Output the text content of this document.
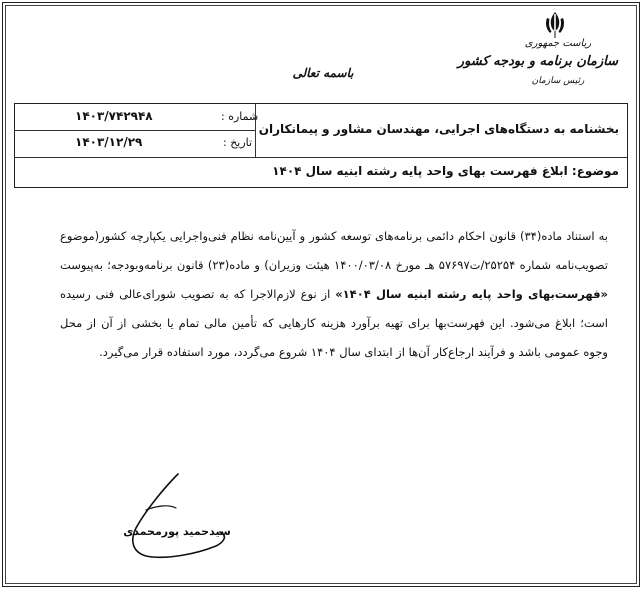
ریاست جمهوری
سازمان برنامه و بودجه کشور
رئیس سازمان
باسمه تعالی
بخشنامه به دستگاه‌های اجرایی، مهندسان مشاور و پیمانکاران
شماره :
۱۴۰۳/۷۴۲۹۴۸
تاریخ :
۱۴۰۳/۱۲/۲۹
موضوع: ابلاغ فهرست بهای واحد پایه رشته ابنیه سال ۱۴۰۴

به استناد ماده(۳۴) قانون احکام دائمی برنامه‌های توسعه کشور و آیین‌نامه نظام فنی‌واجرایی یکپارچه کشور(موضوع تصویب‌نامه شماره ۲۵۲۵۴/ت۵۷۶۹۷ هـ مورخ ۱۴۰۰/۰۳/۰۸ هیئت وزیران) و ماده(۲۳) قانون برنامه‌وبودجه؛ به‌پیوست «فهرست‌بهای واحد پایه رشته ابنیه سال ۱۴۰۴» از نوع لازم‌الاجرا که به تصویب شورای‌عالی فنی رسیده است؛ ابلاغ می‌شود. این فهرست‌بها برای تهیه برآورد هزینه کارهایی که تأمین مالی تمام یا بخشی از آن از محل وجوه عمومی باشد و فرآیند ارجاع‌کار آن‌ها از ابتدای سال ۱۴۰۴ شروع می‌گردد، مورد استفاده قرار می‌گیرد.

سیدحمید پورمحمدی
